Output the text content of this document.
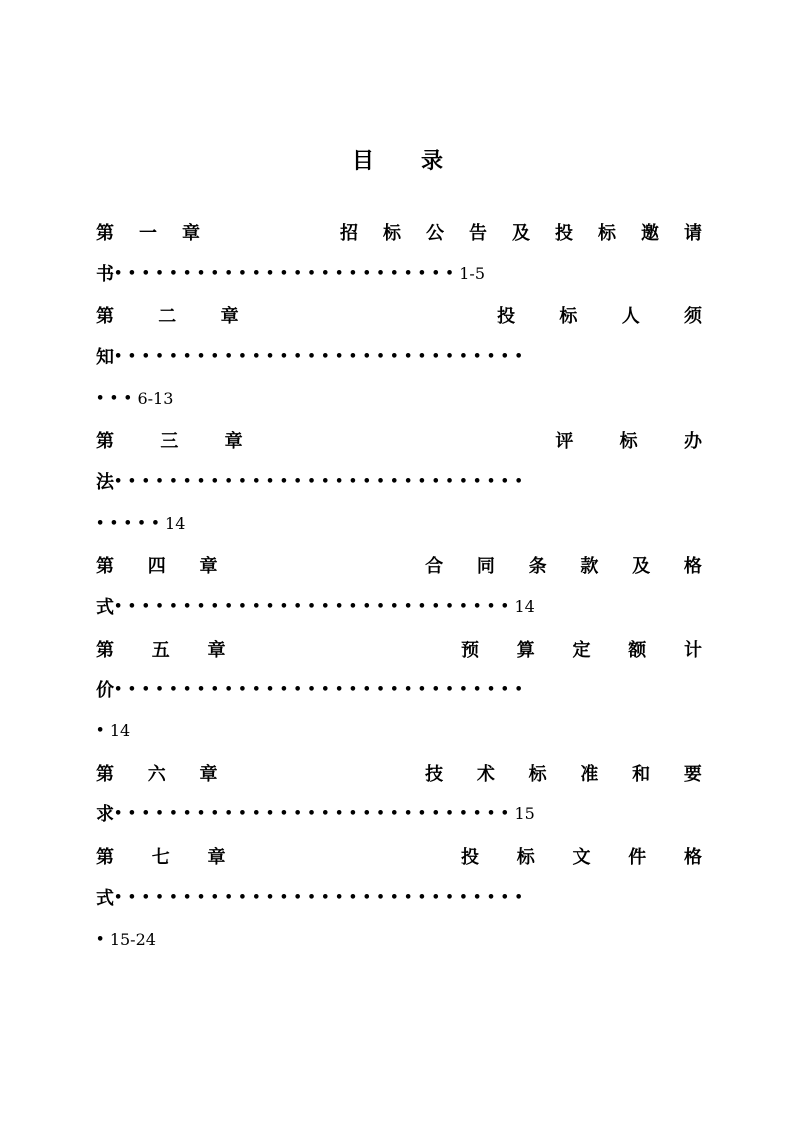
目 录
第 一 章	招 标 公 告 及 投 标 邀 请
书 ••••••••••••••••••••••••• 1-5
第 二 章	投 标 人 须
知 ••••••••••••••••••••••••••••••
••• 6-13
第	三	章	评	标	办
法 ••••••••••••••••••••••••••••••
••••• 14
第 四 章	合 同 条 款 及 格
式 ••••••••••••••••••••••••••••• 14
第 五 章	预 算 定 额 计
价 ••••••••••••••••••••••••••••••
• 14
第 六 章	技 术 标 准 和 要
求 ••••••••••••••••••••••••••••• 15
第 七 章	投 标 文 件 格
式 ••••••••••••••••••••••••••••••
• 15-24
